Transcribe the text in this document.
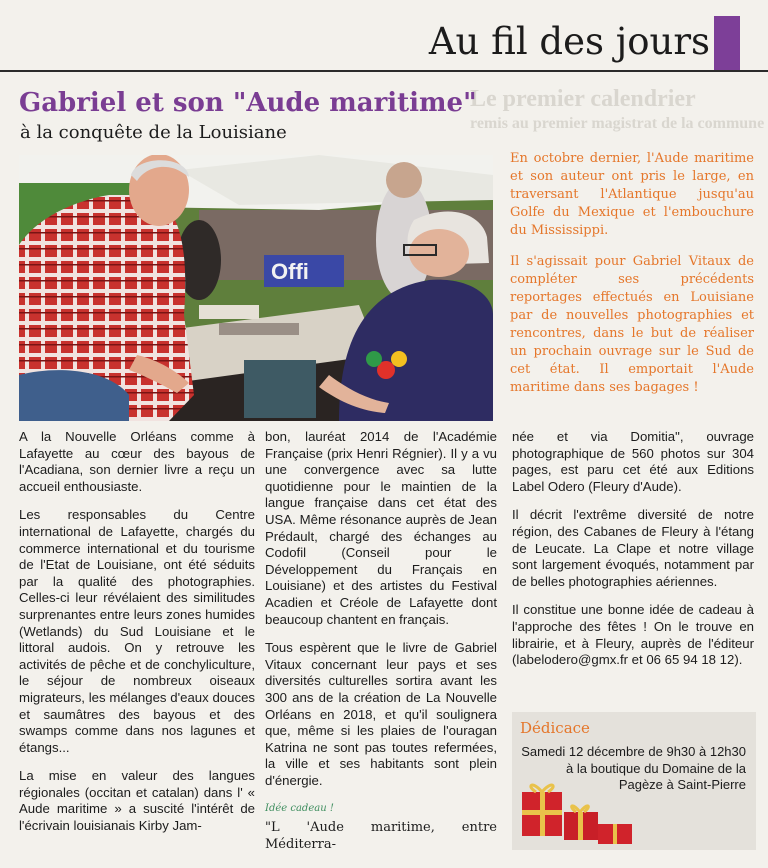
Le premier calendrier
remis au premier magistrat de la commune
Au fil des jours
Gabriel et son "Aude maritime"
à la conquête de la Louisiane
Offi

En octobre dernier, l'Aude maritime et son auteur ont pris le large, en traversant l'Atlantique jusqu'au Golfe du Mexique et l'embouchure du Mississippi.

Il s'agissait pour Gabriel Vitaux de compléter ses précédents reportages effectués en Louisiane par de nouvelles photographies et rencontres, dans le but de réaliser un prochain ouvrage sur le Sud de cet état. Il emportait l'Aude maritime dans ses bagages !

A la Nouvelle Orléans comme à Lafayette au cœur des bayous de l'Acadiana, son dernier livre a reçu un accueil enthousiaste.

Les responsables du Centre international de Lafayette, chargés du commerce international et du tourisme de l'Etat de Louisiane, ont été séduits par la qualité des photographies. Celles-ci leur révélaient des similitudes surprenantes entre leurs zones humides (Wetlands) du Sud Louisiane et le littoral audois. On y retrouve les activités de pêche et de conchyliculture, le séjour de nombreux oiseaux migrateurs, les mélanges d'eaux douces et saumâtres des bayous et des swamps comme dans nos lagunes et étangs...

La mise en valeur des langues régionales (occitan et catalan) dans l' « Aude maritime » a suscité l'intérêt de l'écrivain louisianais Kirby Jam-

bon, lauréat 2014 de l'Académie Française (prix Henri Régnier). Il y a vu une convergence avec sa lutte quotidienne pour le maintien de la langue française dans cet état des USA. Même résonance auprès de Jean Prédault, chargé des échanges au Codofil (Conseil pour le Développement du Français en Louisiane) et des artistes du Festival Acadien et Créole de Lafayette dont beaucoup chantent en français.

Tous espèrent que le livre de Gabriel Vitaux concernant leur pays et ses diversités culturelles sortira avant les 300 ans de la création de La Nouvelle Orléans en 2018, et qu'il soulignera que, même si les plaies de l'ouragan Katrina ne sont pas toutes refermées, la ville et ses habitants sont plein d'énergie.

Idée cadeau !
"L 'Aude maritime, entre Méditerra-

née et via Domitia", ouvrage photographique de 560 photos sur 304 pages, est paru cet été aux Editions Label Odero (Fleury d'Aude).

Il décrit l'extrême diversité de notre région, des Cabanes de Fleury à l'étang de Leucate. La Clape et notre village sont largement évoqués, notamment par de belles photographies aériennes.

Il constitue une bonne idée de cadeau à l'approche des fêtes ! On le trouve en librairie, et à Fleury, auprès de l'éditeur (labelodero@gmx.fr et 06 65 94 18 12).

Dédicace
Samedi 12 décembre de 9h30 à 12h30 à la boutique du Domaine de la Pagèze à Saint-Pierre
